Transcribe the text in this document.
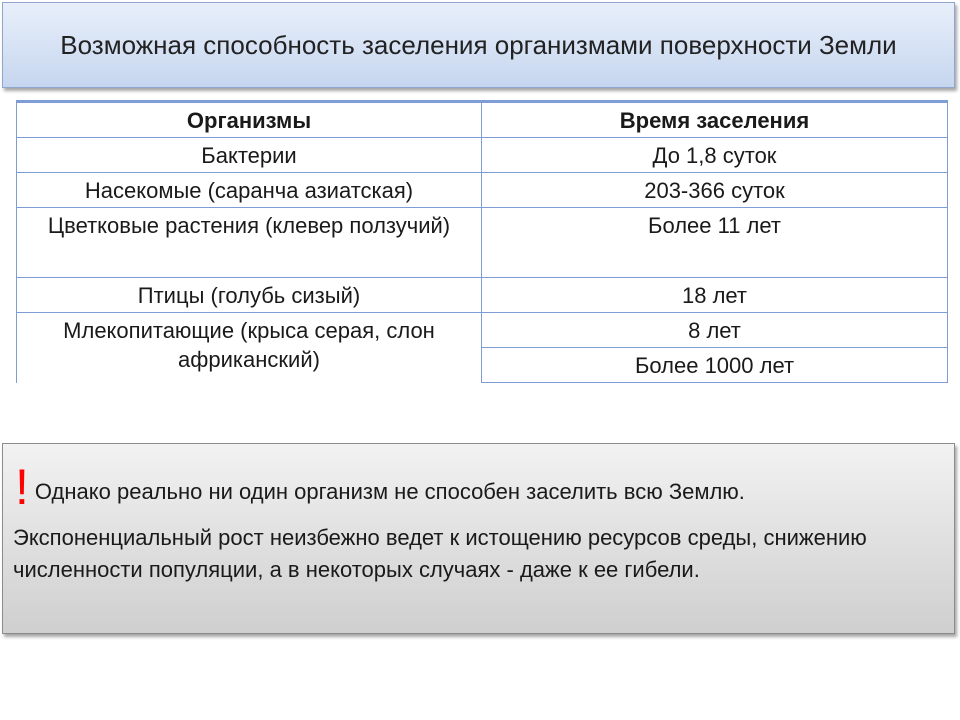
Возможная способность заселения организмами поверхности Земли
Организмы	Время заселения
Бактерии	До 1,8 суток
Насекомые (саранча азиатская)	203-366 суток
Цветковые растения (клевер ползучий)	Более 11 лет
Птицы (голубь сизый)	18 лет
Млекопитающие (крыса серая, слон африканский)	8 лет
	Более 1000 лет
! Однако реально ни один организм не способен заселить всю Землю.
Экспоненциальный рост неизбежно ведет к истощению ресурсов среды, снижению численности популяции, а в некоторых случаях - даже к ее гибели.
